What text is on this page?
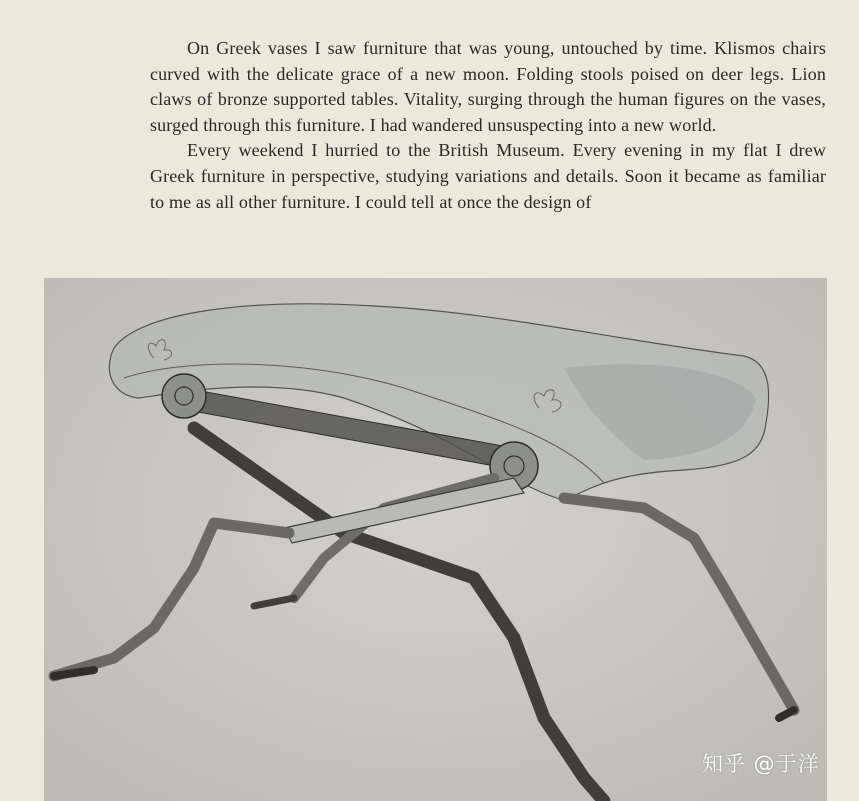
On Greek vases I saw furniture that was young, untouched by time. Klismos chairs curved with the delicate grace of a new moon. Folding stools poised on deer legs. Lion claws of bronze supported tables. Vitality, surging through the human figures on the vases, surged through this furniture. I had wandered unsuspecting into a new world.

Every weekend I hurried to the British Museum. Every evening in my flat I drew Greek furniture in perspective, studying variations and details. Soon it became as familiar to me as all other furniture. I could tell at once the design of

知乎 @于洋
